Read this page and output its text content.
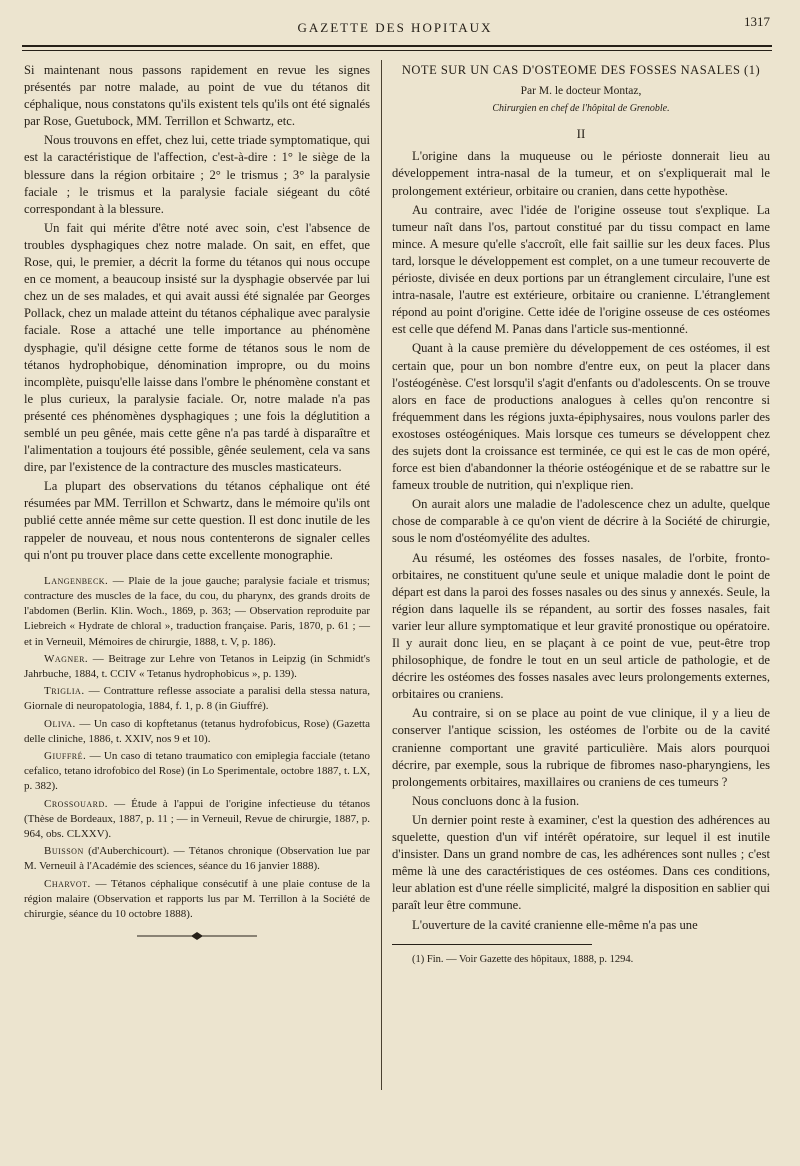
GAZETTE DES HOPITAUX	1317

Si maintenant nous passons rapidement en revue les signes présentés par notre malade, au point de vue du tétanos dit céphalique, nous constatons qu'ils existent tels qu'ils ont été signalés par Rose, Guetubock, MM. Terrillon et Schwartz, etc.

Nous trouvons en effet, chez lui, cette triade symptomatique, qui est la caractéristique de l'affection, c'est-à-dire : 1° le siège de la blessure dans la région orbitaire ; 2° le trismus ; 3° la paralysie faciale ; le trismus et la paralysie faciale siégeant du côté correspondant à la blessure.

Un fait qui mérite d'être noté avec soin, c'est l'absence de troubles dysphagiques chez notre malade. On sait, en effet, que Rose, qui, le premier, a décrit la forme du tétanos qui nous occupe en ce moment, a beaucoup insisté sur la dysphagie observée par lui chez un de ses malades, et qui avait aussi été signalée par Georges Pollack, chez un malade atteint du tétanos céphalique avec paralysie faciale. Rose a attaché une telle importance au phénomène dysphagie, qu'il désigne cette forme de tétanos sous le nom de tétanos hydrophobique, dénomination impropre, ou du moins incomplète, puisqu'elle laisse dans l'ombre le phénomène constant et le plus curieux, la paralysie faciale. Or, notre malade n'a pas présenté ces phénomènes dysphagiques ; une fois la déglutition a semblé un peu gênée, mais cette gêne n'a pas tardé à disparaître et l'alimentation a toujours été possible, gênée seulement, cela va sans dire, par l'existence de la contracture des muscles masticateurs.

La plupart des observations du tétanos céphalique ont été résumées par MM. Terrillon et Schwartz, dans le mémoire qu'ils ont publié cette année même sur cette question. Il est donc inutile de les rappeler de nouveau, et nous nous contenterons de signaler celles qui n'ont pu trouver place dans cette excellente monographie.

Langenbeck. — Plaie de la joue gauche; paralysie faciale et trismus; contracture des muscles de la face, du cou, du pharynx, des grands droits de l'abdomen (Berlin. Klin. Woch., 1869, p. 363; — Observation reproduite par Liebreich « Hydrate de chloral », traduction française. Paris, 1870, p. 61 ; — et in Verneuil, Mémoires de chirurgie, 1888, t. V, p. 186).

Wagner. — Beitrage zur Lehre von Tetanos in Leipzig (in Schmidt's Jahrbuche, 1884, t. CCIV « Tetanus hydrophobicus », p. 139).

Triglia. — Contratture reflesse associate a paralisi della stessa natura, Giornale di neuropatologia, 1884, f. 1, p. 8 (in Giuffré).

Oliva. — Un caso di kopftetanus (tetanus hydrofobicus, Rose) (Gazetta delle cliniche, 1886, t. XXIV, nos 9 et 10).

Giuffré. — Un caso di tetano traumatico con emiplegia facciale (tetano cefalico, tetano idrofobico del Rose) (in Lo Sperimentale, octobre 1887, t. LX, p. 382).

Crossouard. — Étude à l'appui de l'origine infectieuse du tétanos (Thèse de Bordeaux, 1887, p. 11 ; — in Verneuil, Revue de chirurgie, 1887, p. 964, obs. CLXXV).

Buisson (d'Auberchicourt). — Tétanos chronique (Observation lue par M. Verneuil à l'Académie des sciences, séance du 16 janvier 1888).

Charvot. — Tétanos céphalique consécutif à une plaie contuse de la région malaire (Observation et rapports lus par M. Terrillon à la Société de chirurgie, séance du 10 octobre 1888).

NOTE SUR UN CAS D'OSTEOME DES FOSSES NASALES (1)
Par M. le docteur Montaz,
Chirurgien en chef de l'hôpital de Grenoble.
II

L'origine dans la muqueuse ou le périoste donnerait lieu au développement intra-nasal de la tumeur, et on s'expliquerait mal le prolongement extérieur, orbitaire ou cranien, dans cette hypothèse.

Au contraire, avec l'idée de l'origine osseuse tout s'explique. La tumeur naît dans l'os, partout constitué par du tissu compact en lame mince. A mesure qu'elle s'accroît, elle fait saillie sur les deux faces. Plus tard, lorsque le développement est complet, on a une tumeur recouverte de périoste, divisée en deux portions par un étranglement circulaire, l'une est intra-nasale, l'autre est extérieure, orbitaire ou cranienne. L'étranglement répond au point d'origine. Cette idée de l'origine osseuse de ces ostéomes est celle que défend M. Panas dans l'article sus-mentionné.

Quant à la cause première du développement de ces ostéomes, il est certain que, pour un bon nombre d'entre eux, on peut la placer dans l'ostéogénèse. C'est lorsqu'il s'agit d'enfants ou d'adolescents. On se trouve alors en face de productions analogues à celles qu'on rencontre si fréquemment dans les régions juxta-épiphysaires, nous voulons parler des exostoses ostéogéniques. Mais lorsque ces tumeurs se développent chez des sujets dont la croissance est terminée, ce qui est le cas de mon opéré, force est bien d'abandonner la théorie ostéogénique et de se rabattre sur le fameux trouble de nutrition, qui n'explique rien.

On aurait alors une maladie de l'adolescence chez un adulte, quelque chose de comparable à ce qu'on vient de décrire à la Société de chirurgie, sous le nom d'ostéomyélite des adultes.

Au résumé, les ostéomes des fosses nasales, de l'orbite, fronto-orbitaires, ne constituent qu'une seule et unique maladie dont le point de départ est dans la paroi des fosses nasales ou des sinus y annexés. Seule, la région dans laquelle ils se répandent, au sortir des fosses nasales, fait varier leur allure symptomatique et leur gravité pronostique ou opératoire. Il y aurait donc lieu, en se plaçant à ce point de vue, peut-être trop philosophique, de fondre le tout en un seul article de pathologie, et de décrire les ostéomes des fosses nasales avec leurs prolongements externes, orbitaires ou craniens.

Au contraire, si on se place au point de vue clinique, il y a lieu de conserver l'antique scission, les ostéomes de l'orbite ou de la cavité cranienne comportant une gravité particulière. Mais alors pourquoi décrire, par exemple, sous la rubrique de fibromes naso-pharyngiens, les prolongements orbitaires, maxillaires ou craniens de ces tumeurs ?

Nous concluons donc à la fusion.

Un dernier point reste à examiner, c'est la question des adhérences au squelette, question d'un vif intérêt opératoire, sur lequel il est inutile d'insister. Dans un grand nombre de cas, les adhérences sont nulles ; c'est même là une des caractéristiques de ces ostéomes. Dans ces conditions, leur ablation est d'une réelle simplicité, malgré la disposition en sablier qui paraît leur être commune.

L'ouverture de la cavité cranienne elle-même n'a pas une

(1) Fin. — Voir Gazette des hôpitaux, 1888, p. 1294.
